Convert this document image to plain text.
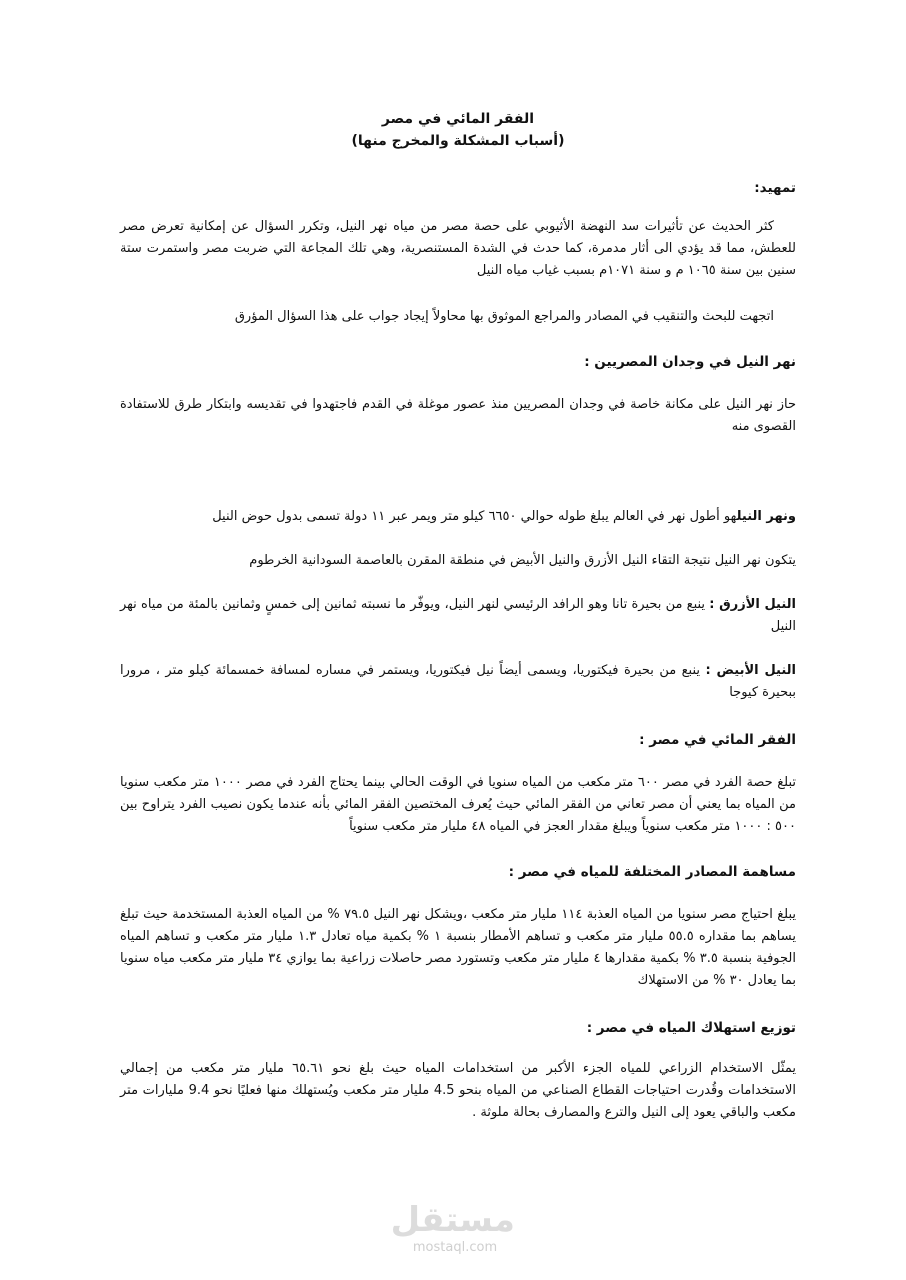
الفقر المائي في مصر

(أسباب المشكلة والمخرج منها)

تمهيد:

كثر الحديث عن تأثيرات سد النهضة الأثيوبي على حصة مصر من مياه نهر النيل، وتكرر السؤال عن إمكانية تعرض مصر للعطش، مما قد يؤدي الى أثار مدمرة، كما حدث في الشدة المستنصرية، وهي تلك المجاعة التي ضربت مصر واستمرت ستة سنين بين سنة ١٠٦٥ م و سنة ١٠٧١م بسبب غياب مياه النيل

اتجهت للبحث والتنقيب في المصادر والمراجع الموثوق بها محاولاً إيجاد جواب على هذا السؤال المؤرق

نهر النيل في وجدان المصريين :

حاز نهر النيل على مكانة خاصة في وجدان المصريين منذ عصور موغلة في القدم فاجتهدوا في تقديسه وابتكار طرق للاستفادة القصوى منه

ونهر النيلهو أطول نهر في العالم يبلغ طوله حوالي ٦٦٥٠ كيلو متر ويمر عبر ١١ دولة تسمى بدول حوض النيل

يتكون نهر النيل نتيجة التقاء النيل الأزرق والنيل الأبيض في منطقة المقرن بالعاصمة السودانية الخرطوم

النيل الأزرق : ينبع من بحيرة تانا وهو الرافد الرئيسي لنهر النيل، ويوفّر ما نسبته ثمانين إلى خمسٍ وثمانين بالمئة من مياه نهر النيل

النيل الأبيض : ينبع من بحيرة فيكتوريا، ويسمى أيضاً نيل فيكتوريا، ويستمر في مساره لمسافة خمسمائة كيلو متر ، مرورا ببحيرة كيوجا

الفقر المائي في مصر :

تبلغ حصة الفرد في مصر ٦٠٠ متر مكعب من المياه سنويا في الوقت الحالي بينما يحتاج الفرد في مصر ١٠٠٠ متر مكعب سنويا من المياه بما يعني أن مصر تعاني من الفقر المائي حيث يُعرف المختصين الفقر المائي بأنه عندما يكون نصيب الفرد يتراوح بين ٥٠٠ : ١٠٠٠ متر مكعب سنوياً ويبلغ مقدار العجز في المياه ٤٨ مليار متر مكعب سنوياً

مساهمة المصادر المختلفة للمياه في مصر :

يبلغ احتياج مصر سنويا من المياه العذبة ١١٤ مليار متر مكعب ،ويشكل نهر النيل ٧٩.٥ % من المياه العذبة المستخدمة حيث تبلغ يساهم بما مقداره ٥٥.٥ مليار متر مكعب و تساهم الأمطار بنسبة ١ % بكمية مياه تعادل ١.٣ مليار متر مكعب و تساهم المياه الجوفية بنسبة ٣.٥ % بكمية مقدارها ٤ مليار متر مكعب وتستورد مصر حاصلات زراعية بما يوازي ٣٤ مليار متر مكعب مياه سنويا بما يعادل ٣٠ % من الاستهلاك

توزيع استهلاك المياه في مصر :

يمثّل الاستخدام الزراعي للمياه الجزء الأكبر من استخدامات المياه حيث بلغ نحو ٦٥.٦١ مليار متر مكعب من إجمالي الاستخدامات وقُدرت احتياجات القطاع الصناعي من المياه بنحو 4.5 مليار متر مكعب ويُستهلك منها فعليًا نحو 9.4 مليارات متر مكعب والباقي يعود إلى النيل والترع والمصارف بحالة ملوثة .

مستقل
mostaql.com
